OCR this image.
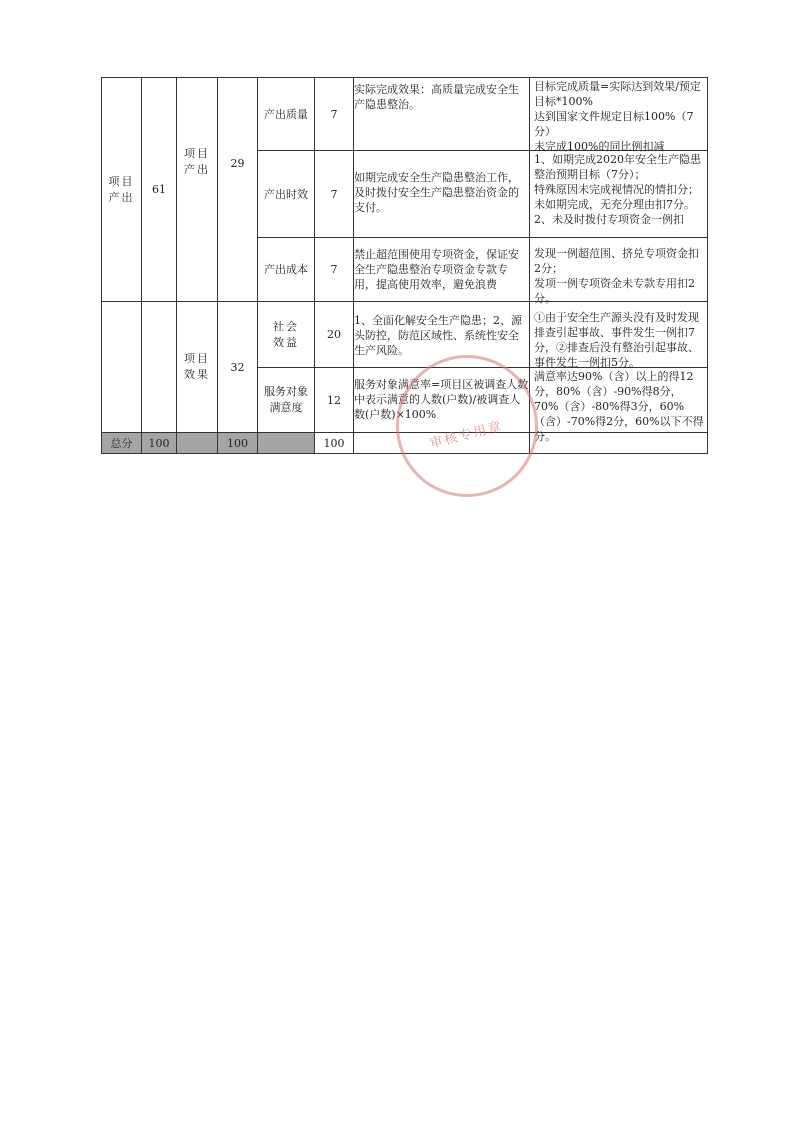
项目
产出	61	项目
产出	29	产出质量	7	实际完成效果：高质量完成安全生产隐患整治。	目标完成质量=实际达到效果/预定目标*100%
达到国家文件规定目标100%（7分）
未完成100%的同比例扣减

				产出时效	7	如期完成安全生产隐患整治工作，及时拨付安全生产隐患整治资金的支付。	1、如期完成2020年安全生产隐患整治预期目标（7分）；
特殊原因未完成视情况的情扣分；
未如期完成，无充分理由扣7分。
2、未及时拨付专项资金一例扣

				产出成本	7	禁止超范围使用专项资金，保证安全生产隐患整治专项资金专款专用，提高使用效率，避免浪费	发现一例超范围、挤兑专项资金扣2分；
发项一例专项资金未专款专用扣2分。

		项目
效果	32	社会
效益	20	1、全面化解安全生产隐患；2、源头防控，防范区域性、系统性安全生产风险。	①由于安全生产源头没有及时发现排查引起事故、事件发生一例扣7分，②排查后没有整治引起事故、事件发生一例扣5分。

				服务对象
满意度	12	服务对象满意率=项目区被调查人数中表示满意的人数(户数)/被调查人数(户数)×100%	满意率达90%（含）以上的得12分，80%（含）-90%得8分，70%（含）-80%得3分，60%（含）-70%得2分，60%以下不得分。

总分	100		100		100			审核专用章
